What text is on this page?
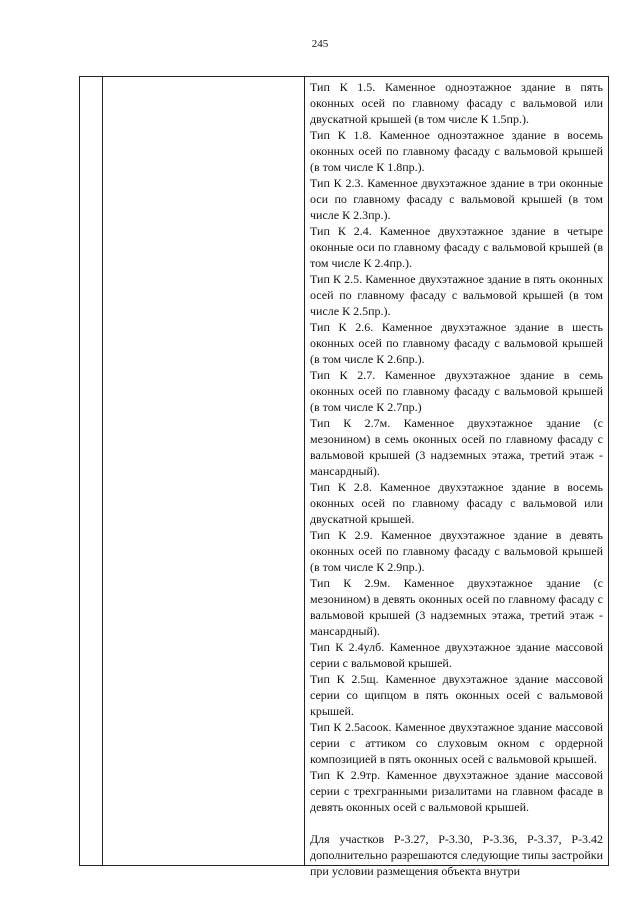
245

Тип К 1.5. Каменное одноэтажное здание в пять оконных осей по главному фасаду с вальмовой или двускатной крышей (в том числе К 1.5пр.).

Тип К 1.8. Каменное одноэтажное здание в восемь оконных осей по главному фасаду с вальмовой крышей (в том числе К 1.8пр.).

Тип К 2.3. Каменное двухэтажное здание в три оконные оси по главному фасаду с вальмовой крышей (в том числе К 2.3пр.).

Тип К 2.4. Каменное двухэтажное здание в четыре оконные оси по главному фасаду с вальмовой крышей (в том числе К 2.4пр.).

Тип К 2.5. Каменное двухэтажное здание в пять оконных осей по главному фасаду с вальмовой крышей (в том числе К 2.5пр.).

Тип К 2.6. Каменное двухэтажное здание в шесть оконных осей по главному фасаду с вальмовой крышей (в том числе К 2.6пр.).

Тип К 2.7. Каменное двухэтажное здание в семь оконных осей по главному фасаду с вальмовой крышей (в том числе К 2.7пр.)

Тип К 2.7м. Каменное двухэтажное здание (с мезонином) в семь оконных осей по главному фасаду с вальмовой крышей (3 надземных этажа, третий этаж - мансардный).

Тип К 2.8. Каменное двухэтажное здание в восемь оконных осей по главному фасаду с вальмовой или двускатной крышей.

Тип К 2.9. Каменное двухэтажное здание в девять оконных осей по главному фасаду с вальмовой крышей (в том числе К 2.9пр.).

Тип К 2.9м. Каменное двухэтажное здание (с мезонином) в девять оконных осей по главному фасаду с вальмовой крышей (3 надземных этажа, третий этаж - мансардный).

Тип К 2.4улб. Каменное двухэтажное здание массовой серии с вальмовой крышей.

Тип К 2.5щ. Каменное двухэтажное здание массовой серии со щипцом в пять оконных осей с вальмовой крышей.

Тип К 2.5асоок. Каменное двухэтажное здание массовой серии с аттиком со слуховым окном с ордерной композицией в пять оконных осей с вальмовой крышей.

Тип К 2.9тр. Каменное двухэтажное здание массовой серии с трехгранными ризалитами на главном фасаде в девять оконных осей с вальмовой крышей.

Для участков Р-3.27, Р-3.30, Р-3.36, Р-3.37, Р-3.42 дополнительно разрешаются следующие типы застройки при условии размещения объекта внутри
